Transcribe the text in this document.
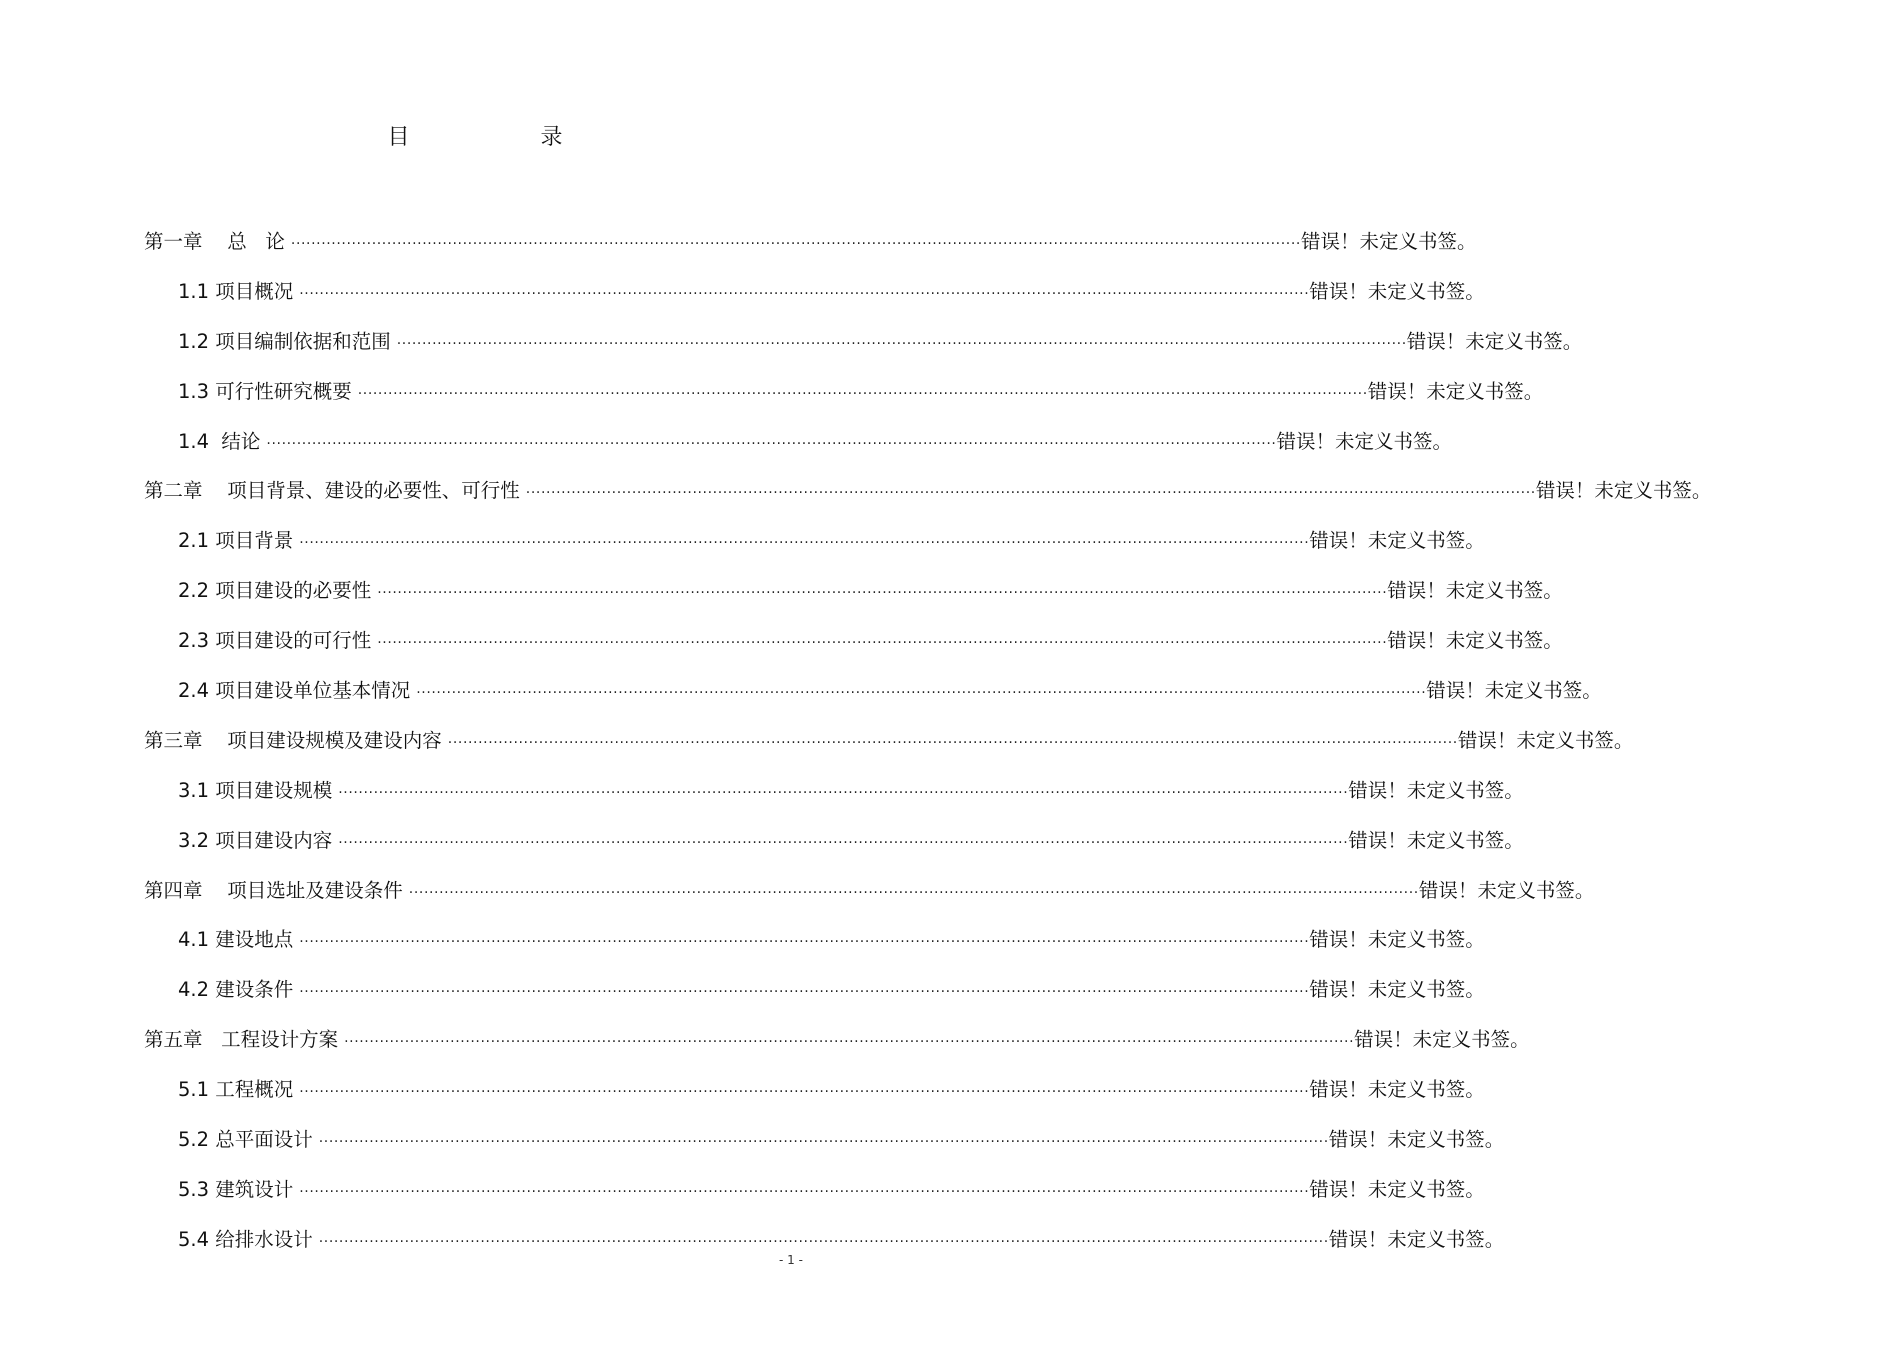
目 录
第一章    总   论 ........................................................................................................................................................................................................ 错误！未定义书签。
1.1 项目概况 ........................................................................................................................................................................................................ 错误！未定义书签。
1.2 项目编制依据和范围 ........................................................................................................................................................................................................ 错误！未定义书签。
1.3 可行性研究概要 ........................................................................................................................................................................................................ 错误！未定义书签。
1.4  结论 ........................................................................................................................................................................................................ 错误！未定义书签。
第二章    项目背景、建设的必要性、可行性 ........................................................................................................................................................................................................ 错误！未定义书签。
2.1 项目背景 ........................................................................................................................................................................................................ 错误！未定义书签。
2.2 项目建设的必要性 ........................................................................................................................................................................................................ 错误！未定义书签。
2.3 项目建设的可行性 ........................................................................................................................................................................................................ 错误！未定义书签。
2.4 项目建设单位基本情况 ........................................................................................................................................................................................................ 错误！未定义书签。
第三章    项目建设规模及建设内容 ........................................................................................................................................................................................................ 错误！未定义书签。
3.1 项目建设规模 ........................................................................................................................................................................................................ 错误！未定义书签。
3.2 项目建设内容 ........................................................................................................................................................................................................ 错误！未定义书签。
第四章    项目选址及建设条件 ........................................................................................................................................................................................................ 错误！未定义书签。
4.1 建设地点 ........................................................................................................................................................................................................ 错误！未定义书签。
4.2 建设条件 ........................................................................................................................................................................................................ 错误！未定义书签。
第五章   工程设计方案 ........................................................................................................................................................................................................ 错误！未定义书签。
5.1 工程概况 ........................................................................................................................................................................................................ 错误！未定义书签。
5.2 总平面设计 ........................................................................................................................................................................................................ 错误！未定义书签。
5.3 建筑设计 ........................................................................................................................................................................................................ 错误！未定义书签。
5.4 给排水设计 ........................................................................................................................................................................................................ 错误！未定义书签。
- 1 -
